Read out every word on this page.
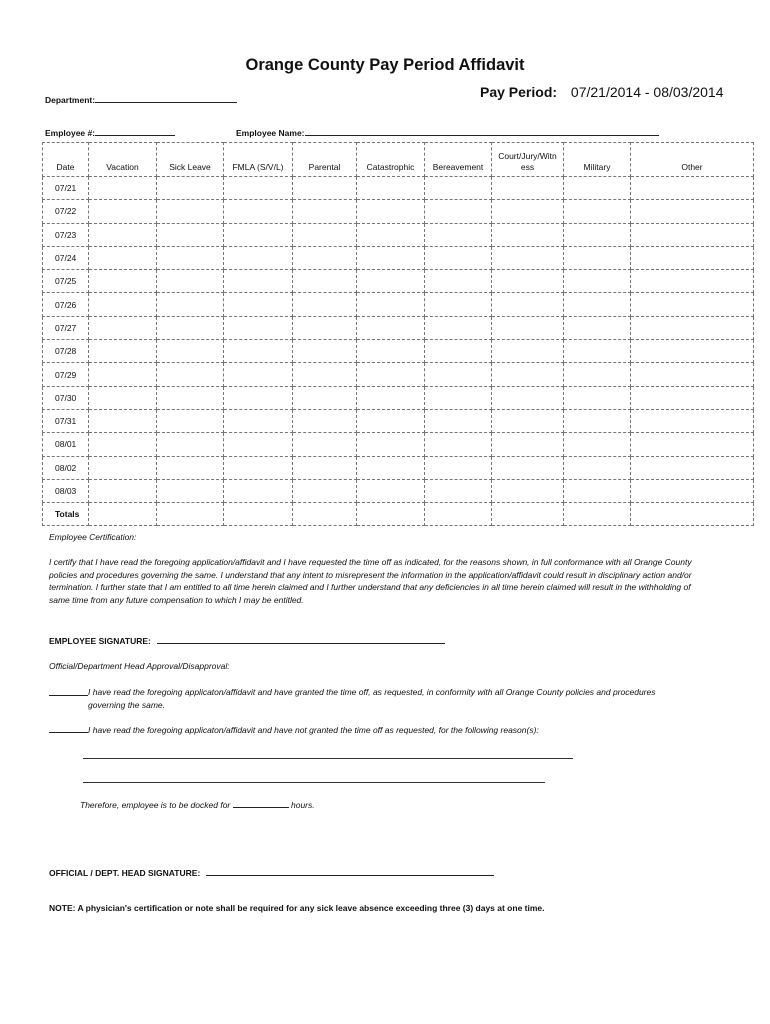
Orange County Pay Period Affidavit
Pay Period: 07/21/2014 - 08/03/2014
Department:
Employee #:	Employee Name:
Date	Vacation	Sick Leave	FMLA (S/V/L)	Parental	Catastrophic	Bereavement	Court/Jury/Witness	Military	Other
07/21									
07/22									
07/23									
07/24									
07/25									
07/26									
07/27									
07/28									
07/29									
07/30									
07/31									
08/01									
08/02									
08/03									
Totals									
Employee Certification:
I certify that I have read the foregoing application/affidavit and I have requested the time off as indicated, for the reasons shown, in full conformance with all Orange County policies and procedures governing the same. I understand that any intent to misrepresent the information in the application/affidavit could result in disciplinary action and/or termination. I further state that I am entitled to all time herein claimed and I further understand that any deficiencies in all time herein claimed will result in the withholding of same time from any future compensation to which I may be entitled.
EMPLOYEE SIGNATURE:
Official/Department Head Approval/Disapproval:
I have read the foregoing applicaton/affidavit and have granted the time off, as requested, in conformity with all Orange County policies and procedures governing the same.
I have read the foregoing applicaton/affidavit and have not granted the time off as requested, for the following reason(s):
Therefore, employee is to be docked for	hours.
OFFICIAL / DEPT. HEAD SIGNATURE:
NOTE: A physician's certification or note shall be required for any sick leave absence exceeding three (3) days at one time.
